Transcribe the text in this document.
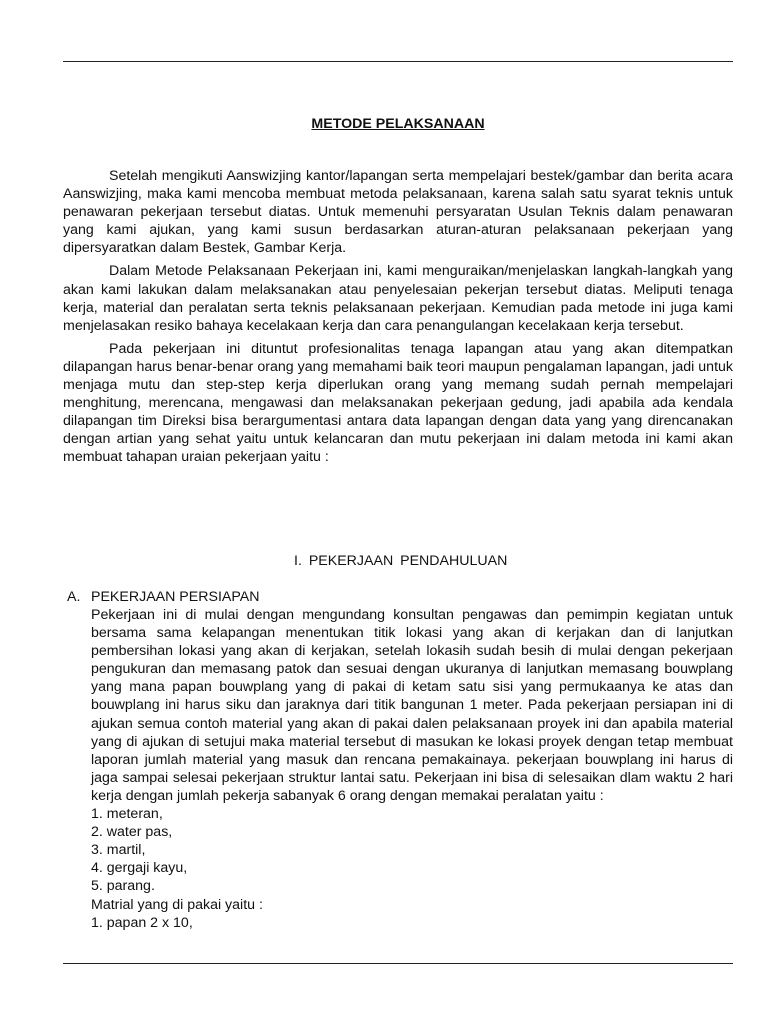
METODE PELAKSANAAN

Setelah mengikuti Aanswizjing kantor/lapangan serta mempelajari bestek/gambar dan berita acara Aanswizjing, maka kami mencoba membuat metoda pelaksanaan, karena salah satu syarat teknis untuk penawaran pekerjaan tersebut diatas. Untuk memenuhi persyaratan Usulan Teknis dalam penawaran yang kami ajukan, yang kami susun berdasarkan aturan-aturan pelaksanaan pekerjaan yang dipersyaratkan dalam Bestek, Gambar Kerja.

Dalam Metode Pelaksanaan Pekerjaan ini, kami menguraikan/menjelaskan langkah-langkah yang akan kami lakukan dalam melaksanakan atau penyelesaian pekerjan tersebut diatas. Meliputi tenaga kerja, material dan peralatan serta teknis pelaksanaan pekerjaan. Kemudian pada metode ini juga kami menjelasakan resiko bahaya kecelakaan kerja dan cara penangulangan kecelakaan kerja tersebut.

Pada pekerjaan ini dituntut profesionalitas tenaga lapangan atau yang akan ditempatkan dilapangan harus benar-benar orang yang memahami baik teori maupun pengalaman lapangan, jadi untuk menjaga mutu dan step-step kerja diperlukan orang yang memang sudah pernah mempelajari menghitung, merencana, mengawasi dan melaksanakan pekerjaan gedung, jadi apabila ada kendala dilapangan tim Direksi bisa berargumentasi antara data lapangan dengan data yang yang direncanakan dengan artian yang sehat yaitu untuk kelancaran dan mutu pekerjaan ini dalam metoda ini kami akan membuat tahapan uraian pekerjaan yaitu :

I. PEKERJAAN PENDAHULUAN
A. PEKERJAAN PERSIAPAN

Pekerjaan ini di mulai dengan mengundang konsultan pengawas dan pemimpin kegiatan untuk bersama sama kelapangan menentukan titik lokasi yang akan di kerjakan dan di lanjutkan pembersihan lokasi yang akan di kerjakan, setelah lokasih sudah besih di mulai dengan pekerjaan pengukuran dan memasang patok dan sesuai dengan ukuranya di lanjutkan memasang bouwplang yang mana papan bouwplang yang di pakai di ketam satu sisi yang permukaanya ke atas dan bouwplang ini harus siku dan jaraknya dari titik bangunan 1 meter. Pada pekerjaan persiapan ini di ajukan semua contoh material yang akan di pakai dalen pelaksanaan proyek ini dan apabila material yang di ajukan di setujui maka material tersebut di masukan ke lokasi proyek dengan tetap membuat laporan jumlah material yang masuk dan rencana pemakainaya. pekerjaan bouwplang ini harus di jaga sampai selesai pekerjaan struktur lantai satu. Pekerjaan ini bisa di selesaikan dlam waktu 2 hari kerja dengan jumlah pekerja sabanyak 6 orang dengan memakai peralatan yaitu :

1. meteran,
2. water pas,
3. martil,
4. gergaji kayu,
5. parang.
Matrial yang di pakai yaitu :
1. papan 2 x 10,
